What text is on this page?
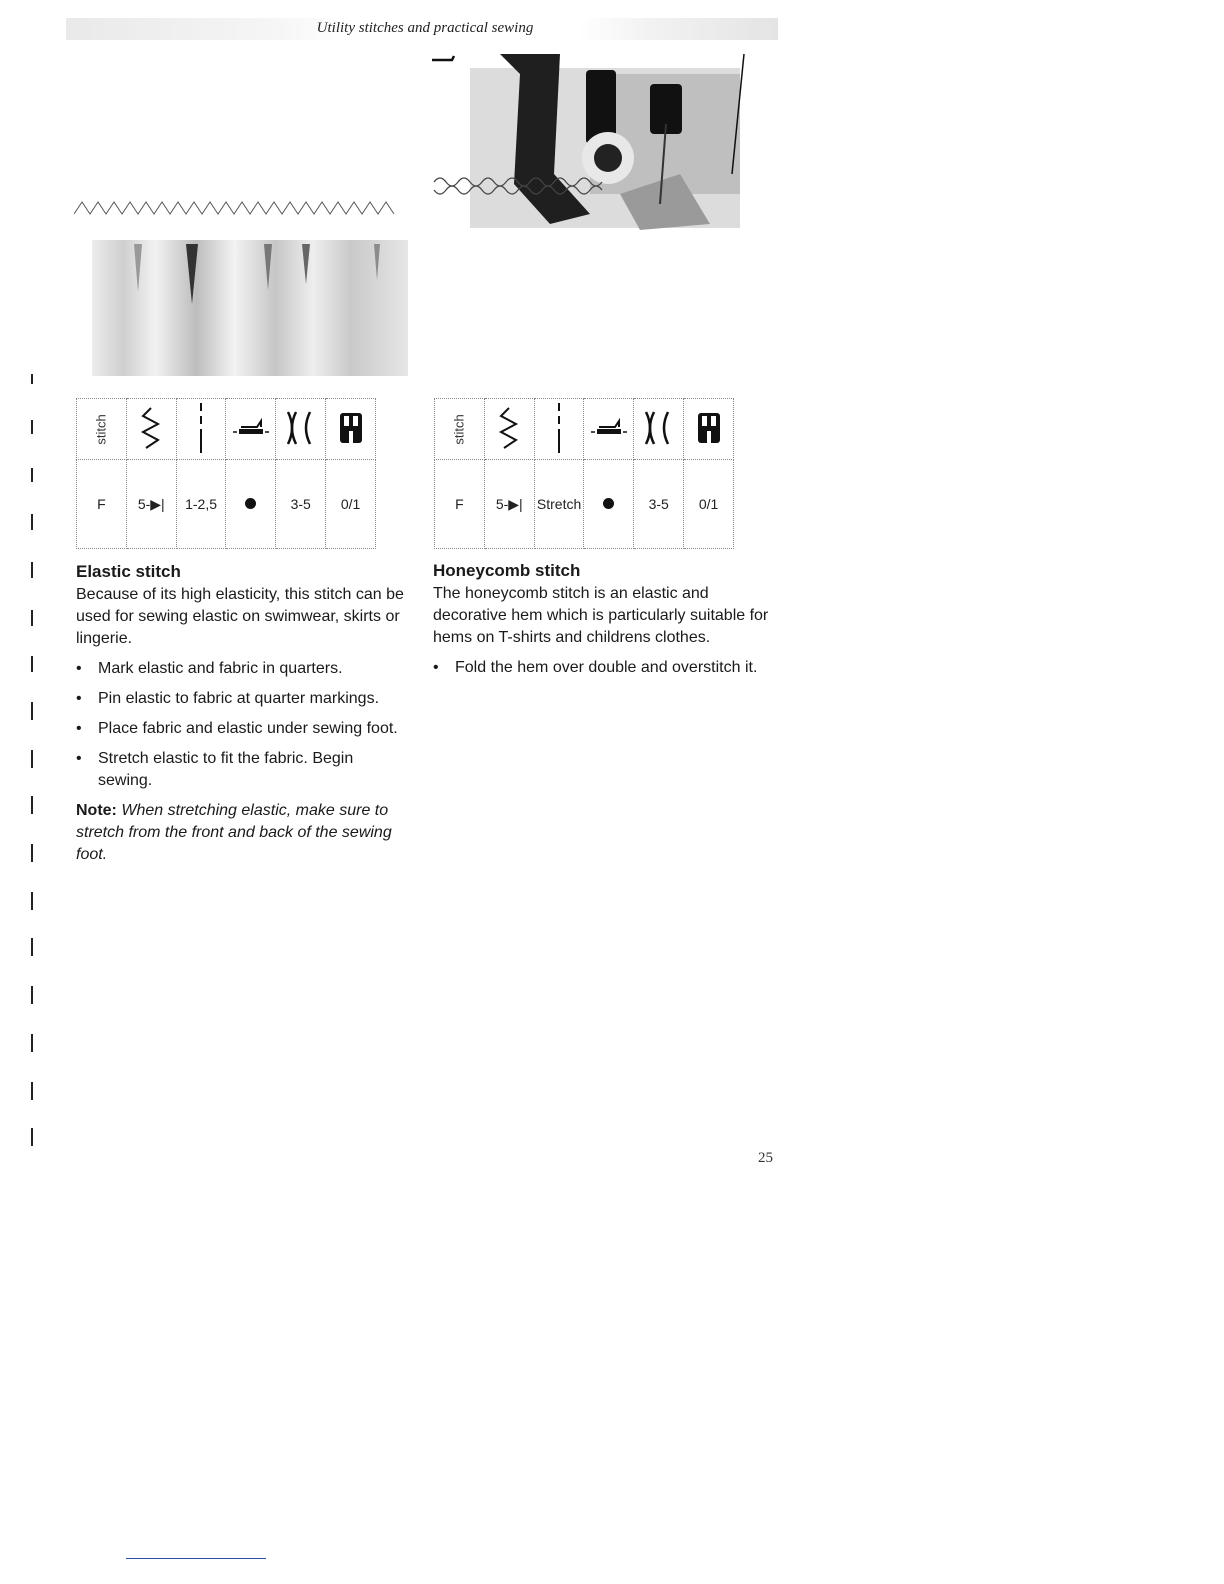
Utility stitches and practical sewing
stitch					
F	5-▶|	1-2,5		3-5	0/1
stitch					
F	5-▶|	Stretch		3-5	0/1
Elastic stitch

Because of its high elasticity, this stitch can be used for sewing elastic on swimwear, skirts or lingerie.

• Mark elastic and fabric in quarters.
• Pin elastic to fabric at quarter markings.
• Place fabric and elastic under sewing foot.
• Stretch elastic to fit the fabric. Begin sewing.

Note: When stretching elastic, make sure to stretch from the front and back of the sewing foot.

Honeycomb stitch

The honeycomb stitch is an elastic and decorative hem which is particularly suitable for hems on T-shirts and childrens clothes.

• Fold the hem over double and overstitch it.
25
